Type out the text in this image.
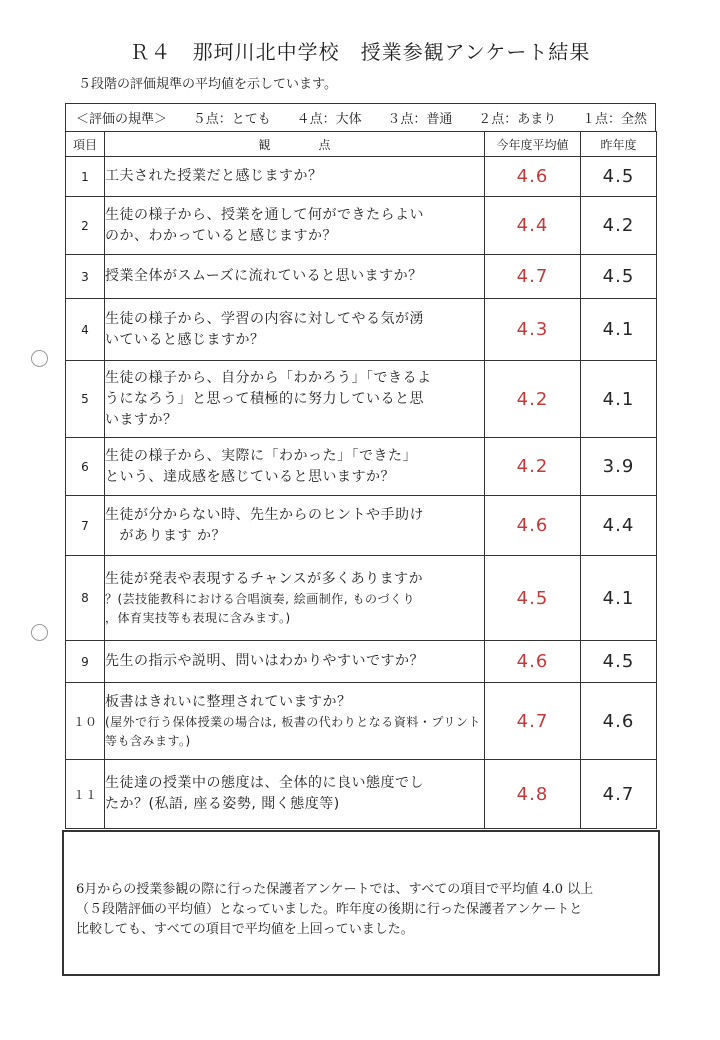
Ｒ４　那珂川北中学校　授業参観アンケート結果
５段階の評価規準の平均値を示しています。
＜評価の規準＞ ５点：とても ４点：大体 ３点：普通 ２点：あまり １点：全然
項目	観　　　　点	今年度平均値	昨年度
1	工夫された授業だと感じますか？	4.6	4.5
2	生徒の様子から、授業を通して何ができたらよい
のか、わかっていると感じますか？	4.4	4.2
3	授業全体がスムーズに流れていると思いますか？	4.7	4.5
4	生徒の様子から、学習の内容に対してやる気が湧
いていると感じますか？	4.3	4.1
5	生徒の様子から、自分から「わかろう」「できるよ
うになろう」と思って積極的に努力していると思
いますか？	4.2	4.1
6	生徒の様子から、実際に「わかった」「できた」
という、達成感を感じていると思いますか？	4.2	3.9
7	生徒が分からない時、先生からのヒントや手助け
　があります か？	4.6	4.4
8	生徒が発表や表現するチャンスが多くありますか
？(芸技能教科における合唱演奏, 絵画制作, ものづくり
，体育実技等も表現に含みます。)	4.5	4.1
9	先生の指示や説明、問いはわかりやすいですか？	4.6	4.5
１０	板書はきれいに整理されていますか？
(屋外で行う保体授業の場合は, 板書の代わりとなる資料・プリント
等も含みます。)	4.7	4.6
１１	生徒達の授業中の態度は、全体的に良い態度でし
たか？(私語, 座る姿勢, 聞く態度等)	4.8	4.7
6月からの授業参観の際に行った保護者アンケートでは、すべての項目で平均値 4.0 以上
（５段階評価の平均値）となっていました。昨年度の後期に行った保護者アンケートと
比較しても、すべての項目で平均値を上回っていました。
